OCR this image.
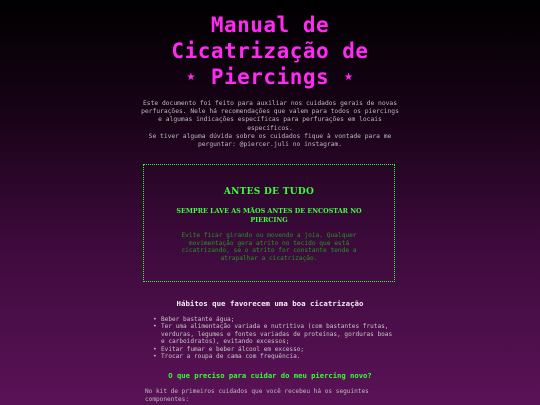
Manual de
Cicatrização de
⋆ Piercings ⋆

Este documento foi feito para auxiliar nos cuidados gerais de novas perfurações. Nele há recomendações que valem para todos os piercings e algumas indicações específicas para perfurações em locais específicos.

Se tiver alguma dúvida sobre os cuidados fique à vontade para me perguntar: @piercer.juli no instagram.

ANTES DE TUDO
SEMPRE LAVE AS MÃOS ANTES DE ENCOSTAR NO PIERCING
Evite ficar girando ou movendo a joia. Qualquer movimentação gera atrito no tecido que está cicatrizando, se o atrito for constante tende a atrapalhar a cicatrização.
Hábitos que favorecem uma boa cicatrização
• Beber bastante água;
• Ter uma alimentação variada e nutritiva (com bastantes frutas, verduras, legumes e fontes variadas de proteínas, gorduras boas e carboidratos), evitando excessos;
• Evitar fumar e beber álcool em excesso;
• Trocar a roupa de cama com frequência.
O que preciso para cuidar do meu piercing novo?

No kit de primeiros cuidados que você recebeu há os seguintes componentes:
